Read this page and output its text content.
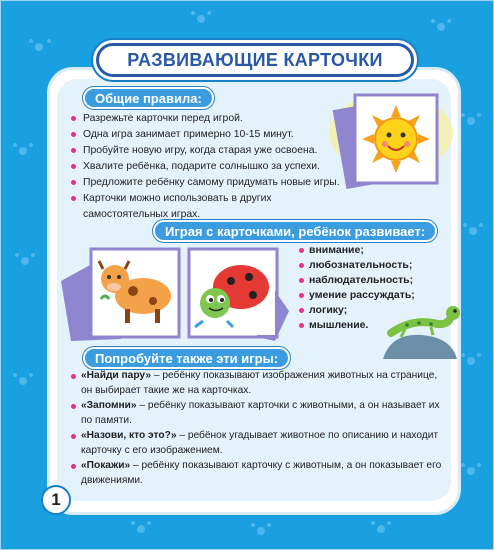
РАЗВИВАЮЩИЕ КАРТОЧКИ
Общие правила:
Разрежьте карточки перед игрой.
Одна игра занимает примерно 10-15 минут.
Пробуйте новую игру, когда старая уже освоена.
Хвалите ребёнка, подарите солнышко за успехи.
Предложите ребёнку самому придумать новые игры.
Карточки можно использовать в других самостоятельных играх.
Играя с карточками, ребёнок развивает:
внимание;
любознательность;
наблюдательность;
умение рассуждать;
логику;
мышление.
Попробуйте также эти игры:
«Найди пару» – ребёнку показывают изображения животных на странице, он выбирает такие же на карточках.
«Запомни» – ребёнку показывают карточки с животными, а он называет их по памяти.
«Назови, кто это?» – ребёнок угадывает животное по описанию и находит карточку с его изображением.
«Покажи» – ребёнку показывают карточку с животным, а он показывает его движениями.
1
